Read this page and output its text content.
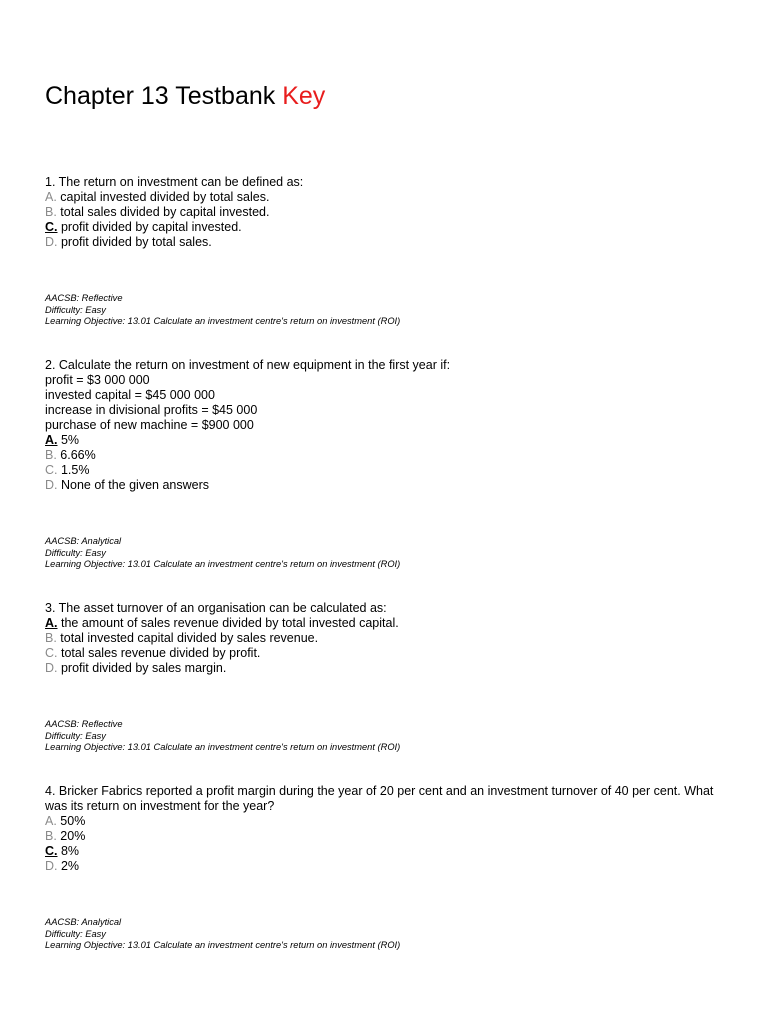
Chapter 13 Testbank Key
1. The return on investment can be defined as:
A. capital invested divided by total sales.
B. total sales divided by capital invested.
C. profit divided by capital invested.
D. profit divided by total sales.
AACSB: Reflective
Difficulty: Easy
Learning Objective: 13.01 Calculate an investment centre's return on investment (ROI)
2. Calculate the return on investment of new equipment in the first year if:
profit = $3 000 000
invested capital = $45 000 000
increase in divisional profits = $45 000
purchase of new machine = $900 000
A. 5%
B. 6.66%
C. 1.5%
D. None of the given answers
AACSB: Analytical
Difficulty: Easy
Learning Objective: 13.01 Calculate an investment centre's return on investment (ROI)
3. The asset turnover of an organisation can be calculated as:
A. the amount of sales revenue divided by total invested capital.
B. total invested capital divided by sales revenue.
C. total sales revenue divided by profit.
D. profit divided by sales margin.
AACSB: Reflective
Difficulty: Easy
Learning Objective: 13.01 Calculate an investment centre's return on investment (ROI)
4. Bricker Fabrics reported a profit margin during the year of 20 per cent and an investment turnover of 40 per cent. What was its return on investment for the year?
A. 50%
B. 20%
C. 8%
D. 2%
AACSB: Analytical
Difficulty: Easy
Learning Objective: 13.01 Calculate an investment centre's return on investment (ROI)
